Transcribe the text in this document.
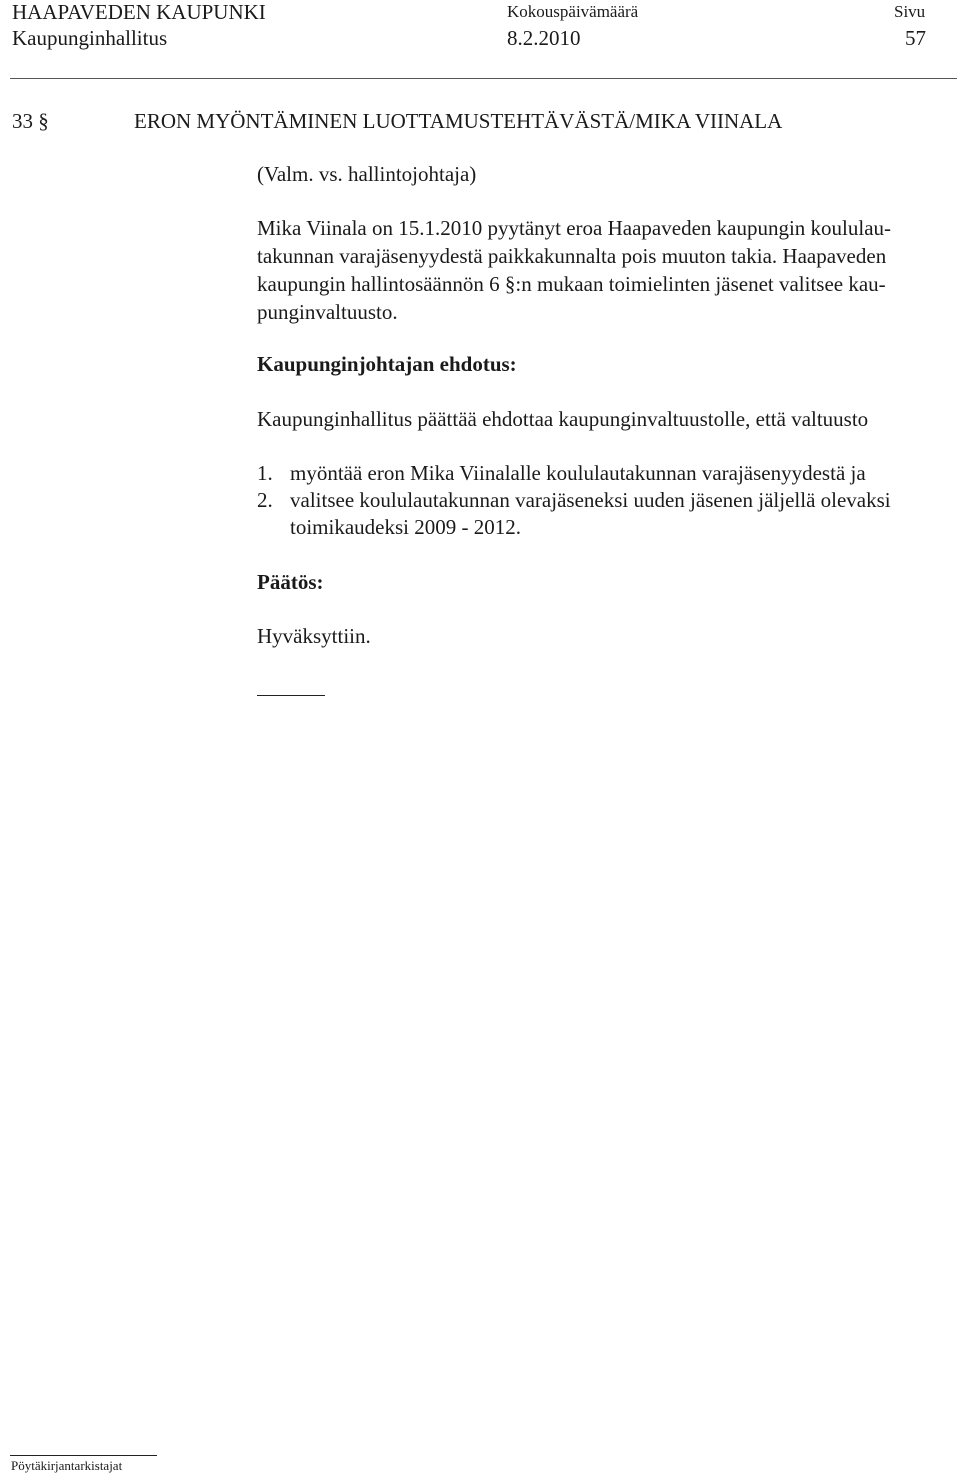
HAAPAVEDEN KAUPUNKI
Kaupunginhallitus
Kokouspäivämäärä
8.2.2010
Sivu
57
33 §	ERON MYÖNTÄMINEN LUOTTAMUSTEHTÄVÄSTÄ/MIKA VIINALA
(Valm. vs. hallintojohtaja)
Mika Viinala on 15.1.2010 pyytänyt eroa Haapaveden kaupungin koululau-
takunnan varajäsenyydestä paikkakunnalta pois muuton takia. Haapaveden
kaupungin hallintosäännön 6 §:n mukaan toimielinten jäsenet valitsee kau-
punginvaltuusto.
Kaupunginjohtajan ehdotus:
Kaupunginhallitus päättää ehdottaa kaupunginvaltuustolle, että valtuusto
1. myöntää eron Mika Viinalalle koululautakunnan varajäsenyydestä ja
2. valitsee koululautakunnan varajäseneksi uuden jäsenen jäljellä olevaksi
toimikaudeksi 2009 - 2012.
Päätös:
Hyväksyttiin.
Pöytäkirjantarkistajat
